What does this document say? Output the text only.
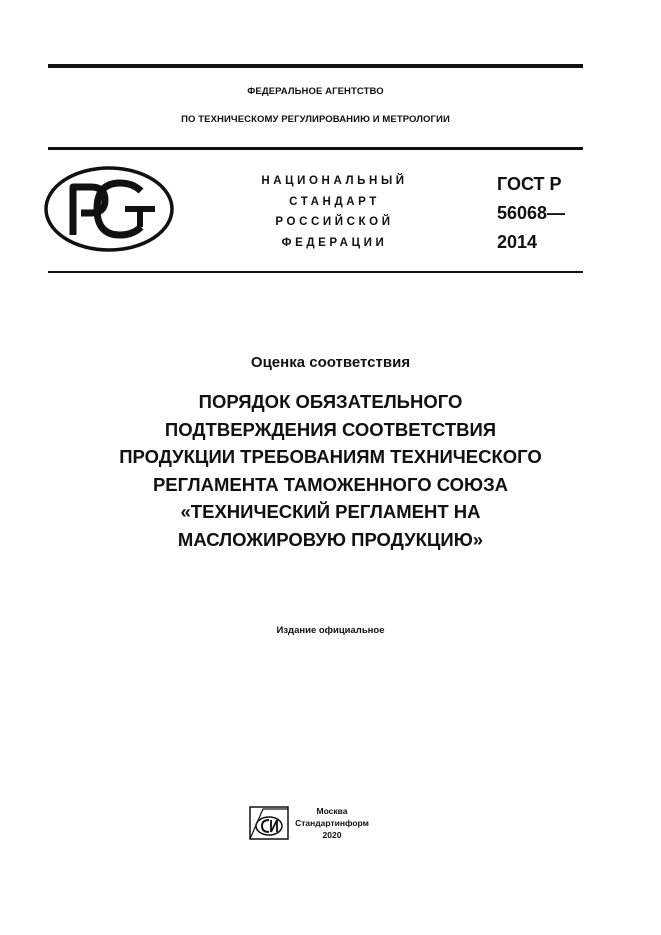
ФЕДЕРАЛЬНОЕ АГЕНТСТВО
ПО ТЕХНИЧЕСКОМУ РЕГУЛИРОВАНИЮ И МЕТРОЛОГИИ
НАЦИОНАЛЬНЫЙ
СТАНДАРТ
РОССИЙСКОЙ
ФЕДЕРАЦИИ
ГОСТ Р
56068—
2014
Оценка соответствия
ПОРЯДОК ОБЯЗАТЕЛЬНОГО
ПОДТВЕРЖДЕНИЯ СООТВЕТСТВИЯ
ПРОДУКЦИИ ТРЕБОВАНИЯМ ТЕХНИЧЕСКОГО
РЕГЛАМЕНТА ТАМОЖЕННОГО СОЮЗА
«ТЕХНИЧЕСКИЙ РЕГЛАМЕНТ НА
МАСЛОЖИРОВУЮ ПРОДУКЦИЮ»
Издание официальное
Москва
Стандартинформ
2020
